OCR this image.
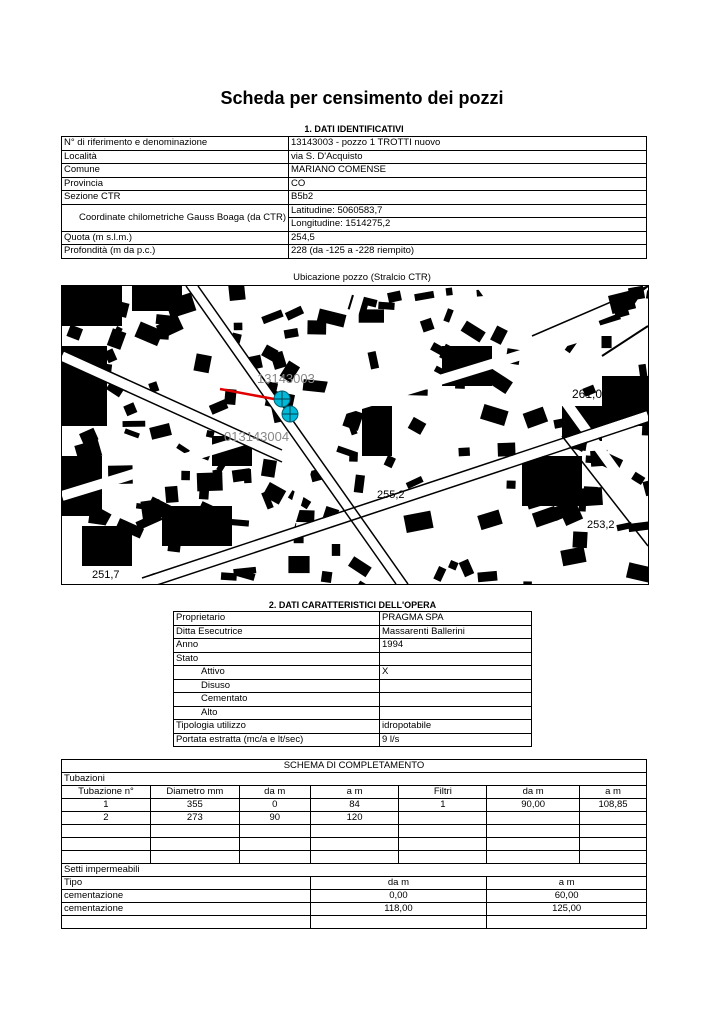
Scheda per censimento dei pozzi
1. DATI IDENTIFICATIVI
N° di riferimento e denominazione	13143003 - pozzo 1 TROTTI nuovo
Località	via S. D'Acquisto
Comune	MARIANO COMENSE
Provincia	CO
Sezione CTR	B5b2
Coordinate chilometriche Gauss Boaga (da CTR)	Latitudine: 5060583,7
	Longitudine: 1514275,2
Quota (m s.l.m.)	254,5
Profondità (m da p.c.)	228 (da -125 a -228 riempito)
Ubicazione pozzo (Stralcio CTR)
261,0
255,2
253,2
251,7
13143003
013143004
2. DATI CARATTERISTICI DELL'OPERA
Proprietario	PRAGMA SPA
Ditta Esecutrice	Massarenti Ballerini
Anno	1994
Stato	
Attivo	X
Disuso	
Cementato	
Alto	
Tipologia utilizzo	idropotabile
Portata estratta (mc/a e lt/sec)	9 l/s
SCHEMA DI COMPLETAMENTO						
Tubazioni						
Tubazione n°	Diametro mm	da m	a m	Filtri	da m	a m
1	355	0	84	1	90,00	108,85
2	273	90	120			

Setti impermeabili						
Tipo			da m		a m	
cementazione			0,00		60,00	
cementazione			118,00		125,00	
